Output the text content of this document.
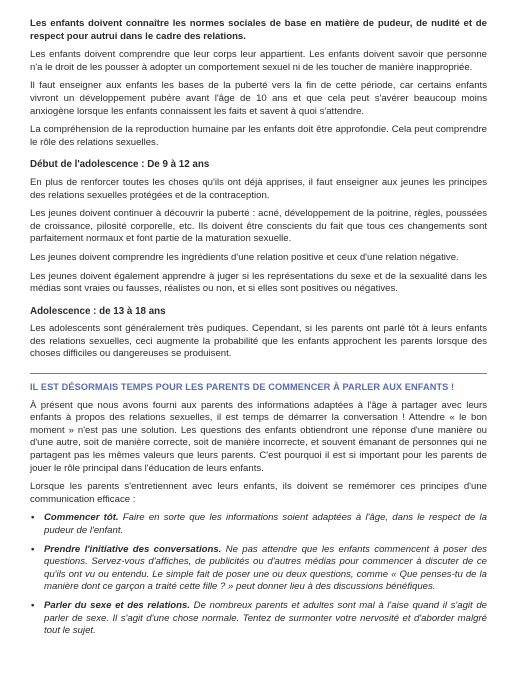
Les enfants doivent connaître les normes sociales de base en matière de pudeur, de nudité et de respect pour autrui dans le cadre des relations.

Les enfants doivent comprendre que leur corps leur appartient. Les enfants doivent savoir que personne n'a le droit de les pousser à adopter un comportement sexuel ni de les toucher de manière inappropriée.

Il faut enseigner aux enfants les bases de la puberté vers la fin de cette période, car certains enfants vivront un développement pubère avant l'âge de 10 ans et que cela peut s'avérer beaucoup moins anxiogène lorsque les enfants connaissent les faits et savent à quoi s'attendre.

La compréhension de la reproduction humaine par les enfants doit être approfondie. Cela peut comprendre le rôle des relations sexuelles.

Début de l'adolescence : De 9 à 12 ans

En plus de renforcer toutes les choses qu'ils ont déjà apprises, il faut enseigner aux jeunes les principes des relations sexuelles protégées et de la contraception.

Les jeunes doivent continuer à découvrir la puberté : acné, développement de la poitrine, règles, poussées de croissance, pilosité corporelle, etc. Ils doivent être conscients du fait que tous ces changements sont parfaitement normaux et font partie de la maturation sexuelle.

Les jeunes doivent comprendre les ingrédients d'une relation positive et ceux d'une relation négative.

Les jeunes doivent également apprendre à juger si les représentations du sexe et de la sexualité dans les médias sont vraies ou fausses, réalistes ou non, et si elles sont positives ou négatives.

Adolescence : de 13 à 18 ans

Les adolescents sont généralement très pudiques. Cependant, si les parents ont parlé tôt à leurs enfants des relations sexuelles, ceci augmente la probabilité que les enfants approchent les parents lorsque des choses difficiles ou dangereuses se produisent.

IL EST DÉSORMAIS TEMPS POUR LES PARENTS DE COMMENCER À PARLER AUX ENFANTS !

À présent que nous avons fourni aux parents des informations adaptées à l'âge à partager avec leurs enfants à propos des relations sexuelles, il est temps de démarrer la conversation ! Attendre « le bon moment » n'est pas une solution. Les questions des enfants obtiendront une réponse d'une manière ou d'une autre, soit de manière correcte, soit de manière incorrecte, et souvent émanant de personnes qui ne partagent pas les mêmes valeurs que leurs parents. C'est pourquoi il est si important pour les parents de jouer le rôle principal dans l'éducation de leurs enfants.

Lorsque les parents s'entretiennent avec leurs enfants, ils doivent se remémorer ces principes d'une communication efficace :

• Commencer tôt. Faire en sorte que les informations soient adaptées à l'âge, dans le respect de la pudeur de l'enfant.
• Prendre l'initiative des conversations. Ne pas attendre que les enfants commencent à poser des questions. Servez-vous d'affiches, de publicités ou d'autres médias pour commencer à discuter de ce qu'ils ont vu ou entendu. Le simple fait de poser une ou deux questions, comme « Que penses-tu de la manière dont ce garçon a traité cette fille ? » peut donner lieu à des discussions bénéfiques.
• Parler du sexe et des relations. De nombreux parents et adultes sont mal à l'aise quand il s'agit de parler de sexe. Il s'agit d'une chose normale. Tentez de surmonter votre nervosité et d'aborder malgré tout le sujet.
